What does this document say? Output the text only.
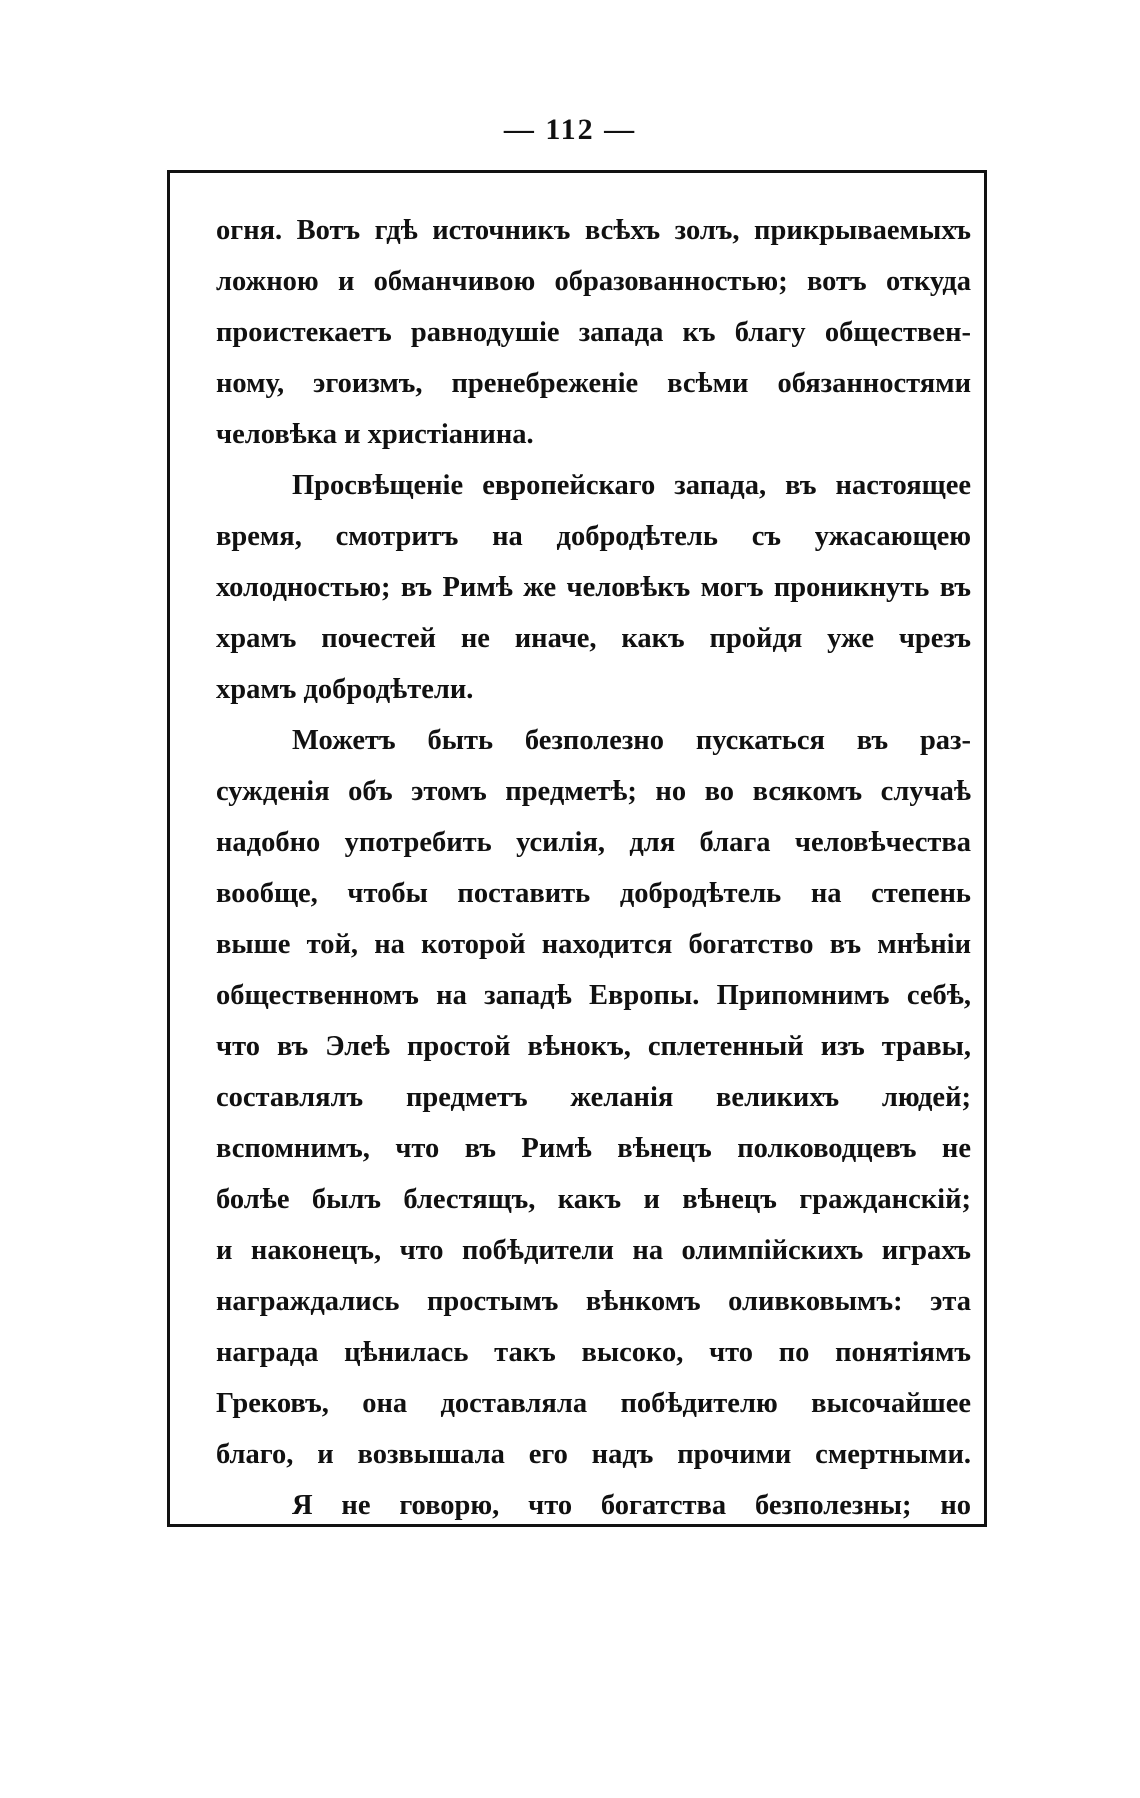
— 112 —
огня. Вотъ гдѣ источникъ всѣхъ золъ, прикрываемыхъ
ложною и обманчивою образованностью; вотъ откуда
проистекаетъ равнодушіе запада къ благу обществен-
ному, эгоизмъ, пренебреженіе всѣми обязанностями
человѣка и христіанина.
Просвѣщеніе европейскаго запада, въ настоящее
время, смотритъ на добродѣтель съ ужасающею
холодностью; въ Римѣ же человѣкъ могъ проникнуть въ
храмъ почестей не иначе, какъ пройдя уже чрезъ
храмъ добродѣтели.
Можетъ быть безполезно пускаться въ раз-
сужденія объ этомъ предметѣ; но во всякомъ случаѣ
надобно употребить усилія, для блага человѣчества
вообще, чтобы поставить добродѣтель на степень
выше той, на которой находится богатство въ мнѣніи
общественномъ на западѣ Европы. Припомнимъ себѣ,
что въ Элеѣ простой вѣнокъ, сплетенный изъ травы,
составлялъ предметъ желанія великихъ людей;
вспомнимъ, что въ Римѣ вѣнецъ полководцевъ не
болѣе былъ блестящъ, какъ и вѣнецъ гражданскій;
и наконецъ, что побѣдители на олимпійскихъ играхъ
награждались простымъ вѣнкомъ оливковымъ: эта
награда цѣнилась такъ высоко, что по понятіямъ
Грековъ, она доставляла побѣдителю высочайшее
благо, и возвышала его надъ прочими смертными.
Я не говорю, что богатства безполезны; но
